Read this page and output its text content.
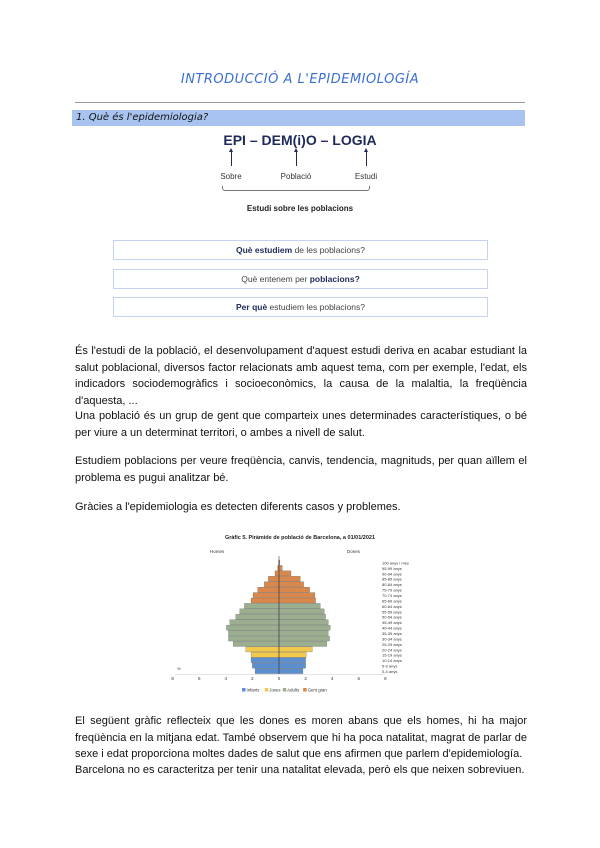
INTRODUCCIÓ A L'EPIDEMIOLOGÍA
1. Què és l'epidemiologia?
EPI – DEM(i)O – LOGIA
Sobre	Població	Estudi
Estudi sobre les poblacions
Què estudiem de les poblacions?
Què entenem per poblacions?
Per què estudiem les poblacions?

És l'estudi de la població, el desenvolupament d'aquest estudi deriva en acabar estudiant la salut poblacional, diversos factor relacionats amb aquest tema, com per exemple, l'edat, els indicadors sociodemogràfics i socioeconòmics, la causa de la malaltia, la freqüència d'aquesta, ...

Una població és un grup de gent que comparteix unes determinades característiques, o bé per viure a un determinat territori, o ambes a nivell de salut.

Estudiem poblacions per veure freqüència, canvis, tendencia, magnituds, per quan aïllem el problema es pugui analitzar bé.

Gràcies a l'epidemiologia es detecten diferents casos y problemes.

Gràfic 5. Piràmide de població de Barcelona, a 01/01/2021
Homes	Dones
0-4 anys
5-9 anys
10-14 anys
15-19 anys
20-24 anys
25-29 anys
30-34 anys
35-39 anys
40-44 anys
45-49 anys
50-54 anys
55-59 anys
60-64 anys
65-69 anys
70-74 anys
75-79 anys
80-84 anys
85-89 anys
90-94 anys
95-99 anys
100 anys i més
8	6	4	2	0	2	4	6	8
%
Infants Joves Adults Gent gran

El següent gràfic reflecteix que les dones es moren abans que els homes, hi ha major freqüència en la mitjana edat. També observem que hi ha poca natalitat, magrat de parlar de sexe i edat proporciona moltes dades de salut que ens afirmen que parlem d'epidemiología.

Barcelona no es caracteritza per tenir una natalitat elevada, però els que neixen sobreviuen.
